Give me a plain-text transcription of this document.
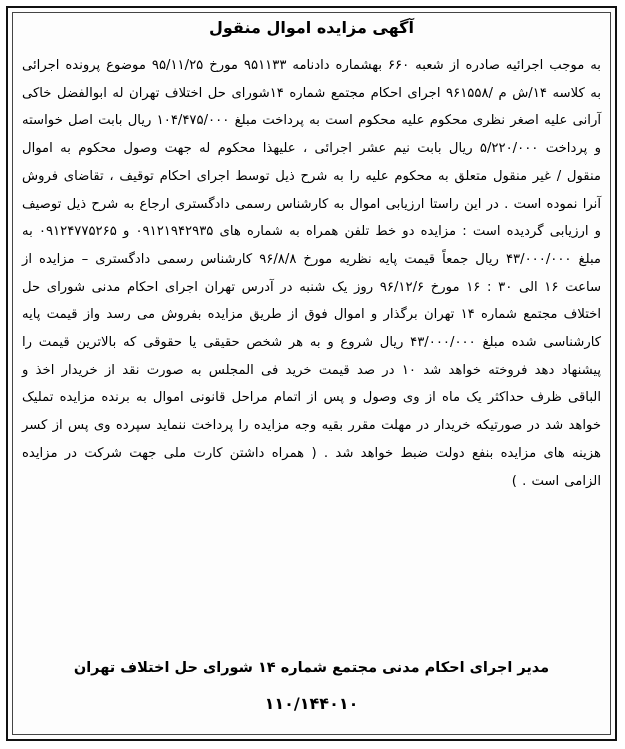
آگهی مزایده اموال منقول
به موجب اجرائیه صادره از شعبه ۶۶۰ بهشماره دادنامه ۹۵۱۱۳۳ مورخ ۹۵/۱۱/۲۵ موضوع پرونده اجرائی به کلاسه ۱۴/ش م /۹۶۱۵۵۸ اجرای احکام مجتمع شماره ۱۴شورای حل اختلاف تهران له ابوالفضل خاکی آرانی علیه اصغر نظری محکوم علیه محکوم است به پرداخت مبلغ ۱۰۴/۴۷۵/۰۰۰ ریال بابت اصل خواسته و پرداخت ۵/۲۲۰/۰۰۰ ریال بابت نیم عشر اجرائی ، علیهذا محکوم له جهت وصول محکوم به اموال منقول / غیر منقول متعلق به محکوم علیه را به شرح ذیل توسط اجرای احکام توقیف ، تقاضای فروش آنرا نموده است . در این راستا ارزیابی اموال به کارشناس رسمی دادگستری ارجاع به شرح ذیل توصیف و ارزیابی گردیده است : مزایده دو خط تلفن همراه به شماره های ۰۹۱۲۱۹۴۲۹۳۵ و ۰۹۱۲۴۷۷۵۲۶۵ به مبلغ ۴۳/۰۰۰/۰۰۰ ریال جمعاً قیمت پایه نظریه مورخ ۹۶/۸/۸ کارشناس رسمی دادگستری – مزایده از ساعت ۱۶ الی ۳۰ : ۱۶ مورخ ۹۶/۱۲/۶ روز یک شنبه در آدرس تهران اجرای احکام مدنی شورای حل اختلاف مجتمع شماره ۱۴ تهران برگذار و اموال فوق از طریق مزایده بفروش می رسد واز قیمت پایه کارشناسی شده مبلغ ۴۳/۰۰۰/۰۰۰ ریال شروع و به هر شخص حقیقی یا حقوقی که بالاترین قیمت را پیشنهاد دهد فروخته خواهد شد ۱۰ در صد قیمت خرید فی المجلس به صورت نقد از خریدار اخذ و الباقی ظرف حداکثر یک ماه از وی وصول و پس از اتمام مراحل قانونی اموال به برنده مزایده تملیک خواهد شد در صورتیکه خریدار در مهلت مقرر بقیه وجه مزایده را پرداخت ننماید سپرده وی پس از کسر هزینه های مزایده بنفع دولت ضبط خواهد شد . ( همراه داشتن کارت ملی جهت شرکت در مزایده الزامی است . )
مدیر اجرای احکام مدنی مجتمع شماره ۱۴ شورای حل اختلاف تهران
۱۱۰/۱۴۴۰۱۰
